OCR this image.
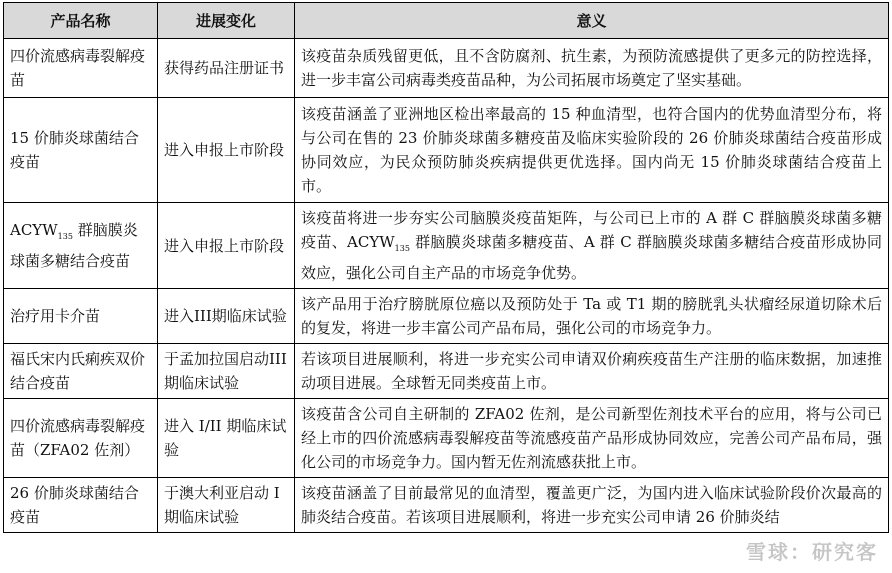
产品名称	进展变化	意义
四价流感病毒裂解疫苗	获得药品注册证书	该疫苗杂质残留更低，且不含防腐剂、抗生素，为预防流感提供了更多元的防控选择，进一步丰富公司病毒类疫苗品种，为公司拓展市场奠定了坚实基础。
15 价肺炎球菌结合疫苗	进入申报上市阶段	该疫苗涵盖了亚洲地区检出率最高的 15 种血清型，也符合国内的优势血清型分布，将与公司在售的 23 价肺炎球菌多糖疫苗及临床实验阶段的 26 价肺炎球菌结合疫苗形成协同效应，为民众预防肺炎疾病提供更优选择。国内尚无 15 价肺炎球菌结合疫苗上市。
$ACYW_{135}$ 群脑膜炎球菌多糖结合疫苗	进入申报上市阶段	该疫苗将进一步夯实公司脑膜炎疫苗矩阵，与公司已上市的 A 群 C 群脑膜炎球菌多糖疫苗、$ACYW_{135}$ 群脑膜炎球菌多糖疫苗、A 群 C 群脑膜炎球菌多糖结合疫苗形成协同效应，强化公司自主产品的市场竞争优势。
治疗用卡介苗	进入III期临床试验	该产品用于治疗膀胱原位癌以及预防处于 Ta 或 T1 期的膀胱乳头状瘤经尿道切除术后的复发，将进一步丰富公司产品布局，强化公司的市场竞争力。
福氏宋内氏痢疾双价结合疫苗	于孟加拉国启动III期临床试验	若该项目进展顺利，将进一步充实公司申请双价痢疾疫苗生产注册的临床数据，加速推动项目进展。全球暂无同类疫苗上市。
四价流感病毒裂解疫苗（ZFA02 佐剂）	进入 I/II 期临床试验	该疫苗含公司自主研制的 ZFA02 佐剂，是公司新型佐剂技术平台的应用，将与公司已经上市的四价流感病毒裂解疫苗等流感疫苗产品形成协同效应，完善公司产品布局，强化公司的市场竞争力。国内暂无佐剂流感获批上市。
26 价肺炎球菌结合疫苗	于澳大利亚启动 I 期临床试验	该疫苗涵盖了目前最常见的血清型，覆盖更广泛，为国内进入临床试验阶段价次最高的肺炎结合疫苗。若该项目进展顺利，将进一步充实公司申请 26 价肺炎结
雪球：研究客
